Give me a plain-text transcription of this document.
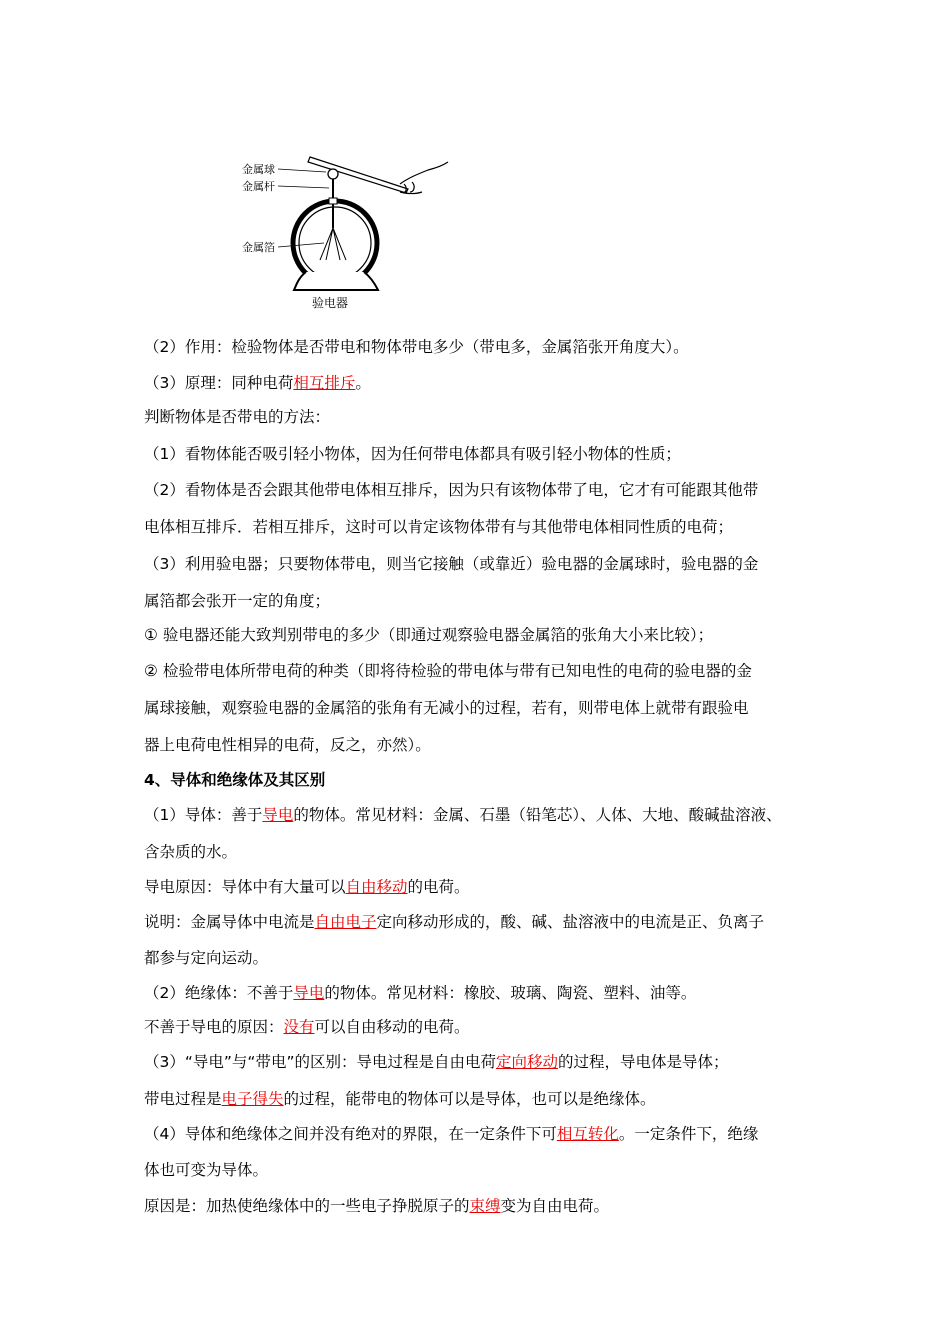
金属球
金属杆
金属箔
验电器
（2）作用：检验物体是否带电和物体带电多少（带电多，金属箔张开角度大）。
（3）原理：同种电荷相互排斥。
判断物体是否带电的方法：
（1）看物体能否吸引轻小物体，因为任何带电体都具有吸引轻小物体的性质；
（2）看物体是否会跟其他带电体相互排斥，因为只有该物体带了电，它才有可能跟其他带
电体相互排斥．若相互排斥，这时可以肯定该物体带有与其他带电体相同性质的电荷；
（3）利用验电器；只要物体带电，则当它接触（或靠近）验电器的金属球时，验电器的金
属箔都会张开一定的角度；
① 验电器还能大致判别带电的多少（即通过观察验电器金属箔的张角大小来比较）；
② 检验带电体所带电荷的种类（即将待检验的带电体与带有已知电性的电荷的验电器的金
属球接触，观察验电器的金属箔的张角有无减小的过程，若有，则带电体上就带有跟验电
器上电荷电性相异的电荷，反之，亦然）。
4、导体和绝缘体及其区别
（1）导体：善于导电的物体。常见材料：金属、石墨（铅笔芯）、人体、大地、酸碱盐溶液、
含杂质的水。
导电原因：导体中有大量可以自由移动的电荷。
说明：金属导体中电流是自由电子定向移动形成的，酸、碱、盐溶液中的电流是正、负离子
都参与定向运动。
（2）绝缘体：不善于导电的物体。常见材料：橡胶、玻璃、陶瓷、塑料、油等。
不善于导电的原因：没有可以自由移动的电荷。
（3）“导电”与“带电”的区别：导电过程是自由电荷定向移动的过程，导电体是导体；
带电过程是电子得失的过程，能带电的物体可以是导体，也可以是绝缘体。
（4）导体和绝缘体之间并没有绝对的界限，在一定条件下可相互转化。一定条件下，绝缘
体也可变为导体。
原因是：加热使绝缘体中的一些电子挣脱原子的束缚变为自由电荷。
